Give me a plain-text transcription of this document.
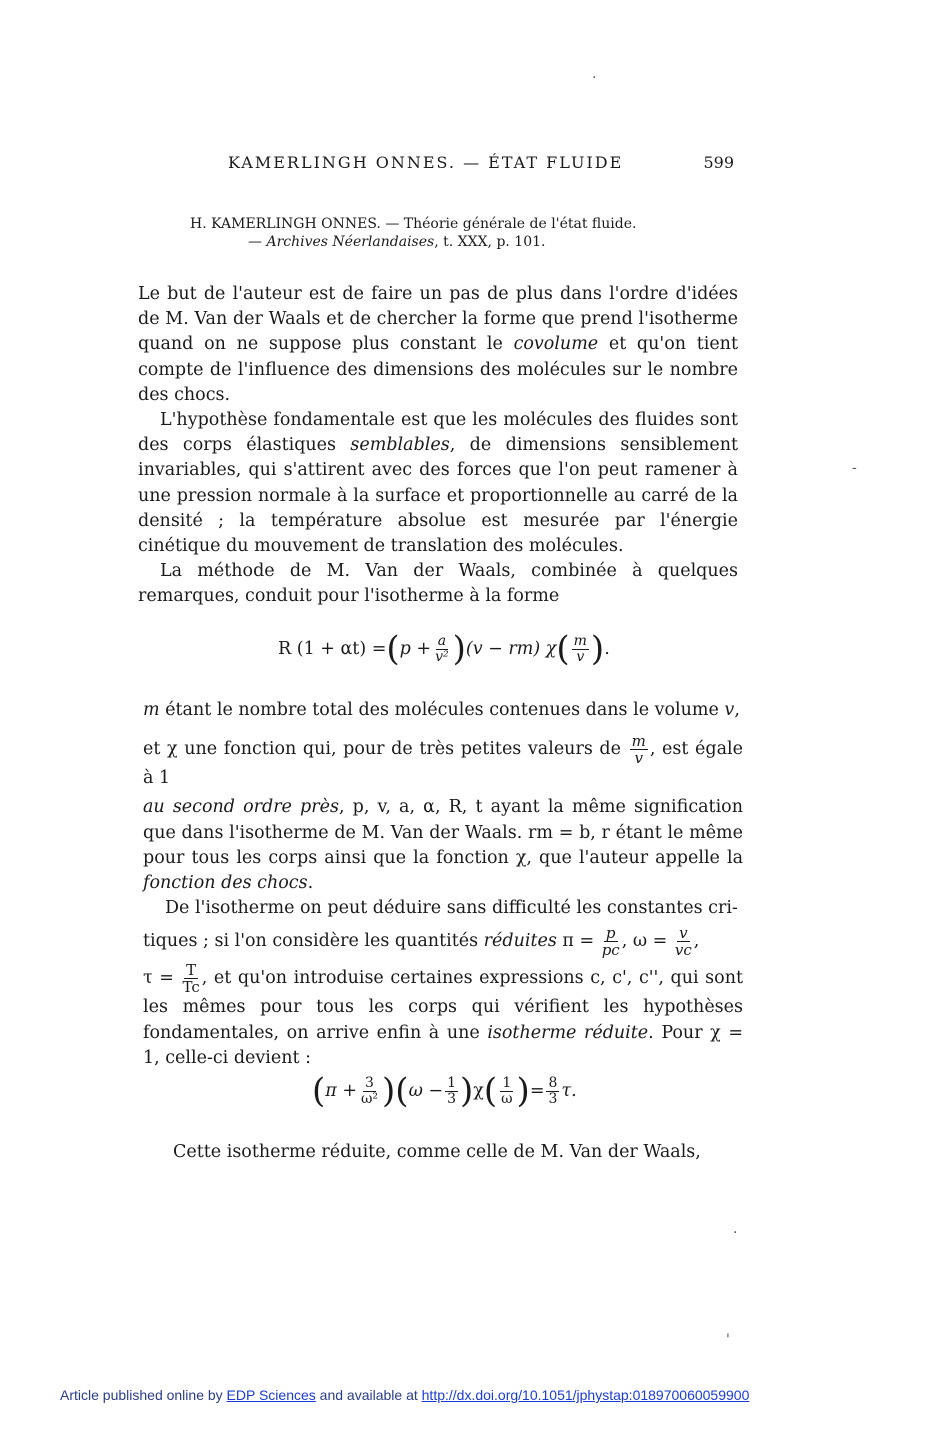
KAMERLINGH ONNES. — ÉTAT FLUIDE	599
H. KAMERLINGH ONNES. — Théorie générale de l'état fluide.
— Archives Néerlandaises, t. XXX, p. 101.

Le but de l'auteur est de faire un pas de plus dans l'ordre d'idées de M. Van der Waals et de chercher la forme que prend l'isotherme quand on ne suppose plus constant le covolume et qu'on tient compte de l'influence des dimensions des molécules sur le nombre des chocs.

L'hypothèse fondamentale est que les molécules des fluides sont des corps élastiques semblables, de dimensions sensiblement invariables, qui s'attirent avec des forces que l'on peut ramener à une pression normale à la surface et proportionnelle au carré de la densité ; la température absolue est mesurée par l'énergie cinétique du mouvement de translation des molécules.

La méthode de M. Van der Waals, combinée à quelques remarques, conduit pour l'isotherme à la forme

R (1 + αt) = ( $p + \frac{a}{\text{v²}}$ ) (v − rm) χ ( $\frac{m}{v}$ ) .

m étant le nombre total des molécules contenues dans le volume v,

et χ une fonction qui, pour de très petites valeurs de $\frac{m}{v}$ , est égale à 1

au second ordre près, p, v, a, α, R, t ayant la même signification que dans l'isotherme de M. Van der Waals. rm = b, r étant le même pour tous les corps ainsi que la fonction χ, que l'auteur appelle la fonction des chocs.

De l'isotherme on peut déduire sans difficulté les constantes cri-

tiques ; si l'on considère les quantités réduites $\pi = \frac{p}{pc}$ , $\omega = \frac{v}{vc}$ ,

$\tau = \frac{T}{Tc}$ , et qu'on introduise certaines expressions c, c', c'', qui sont les mêmes pour tous les corps qui vérifient les hypothèses fondamentales, on arrive enfin à une isotherme réduite. Pour χ = 1, celle-ci devient :

( $\pi + \frac{3}{\text{ω²}}$ ) ( $\omega - \frac{1}{3}$ ) χ ( $\frac{1}{\omega}$ ) = $\frac{8}{3} \tau$.

Cette isotherme réduite, comme celle de M. Van der Waals,

·
-
·
'
Article published online by EDP Sciences and available at http://dx.doi.org/10.1051/jphystap:018970060059900
